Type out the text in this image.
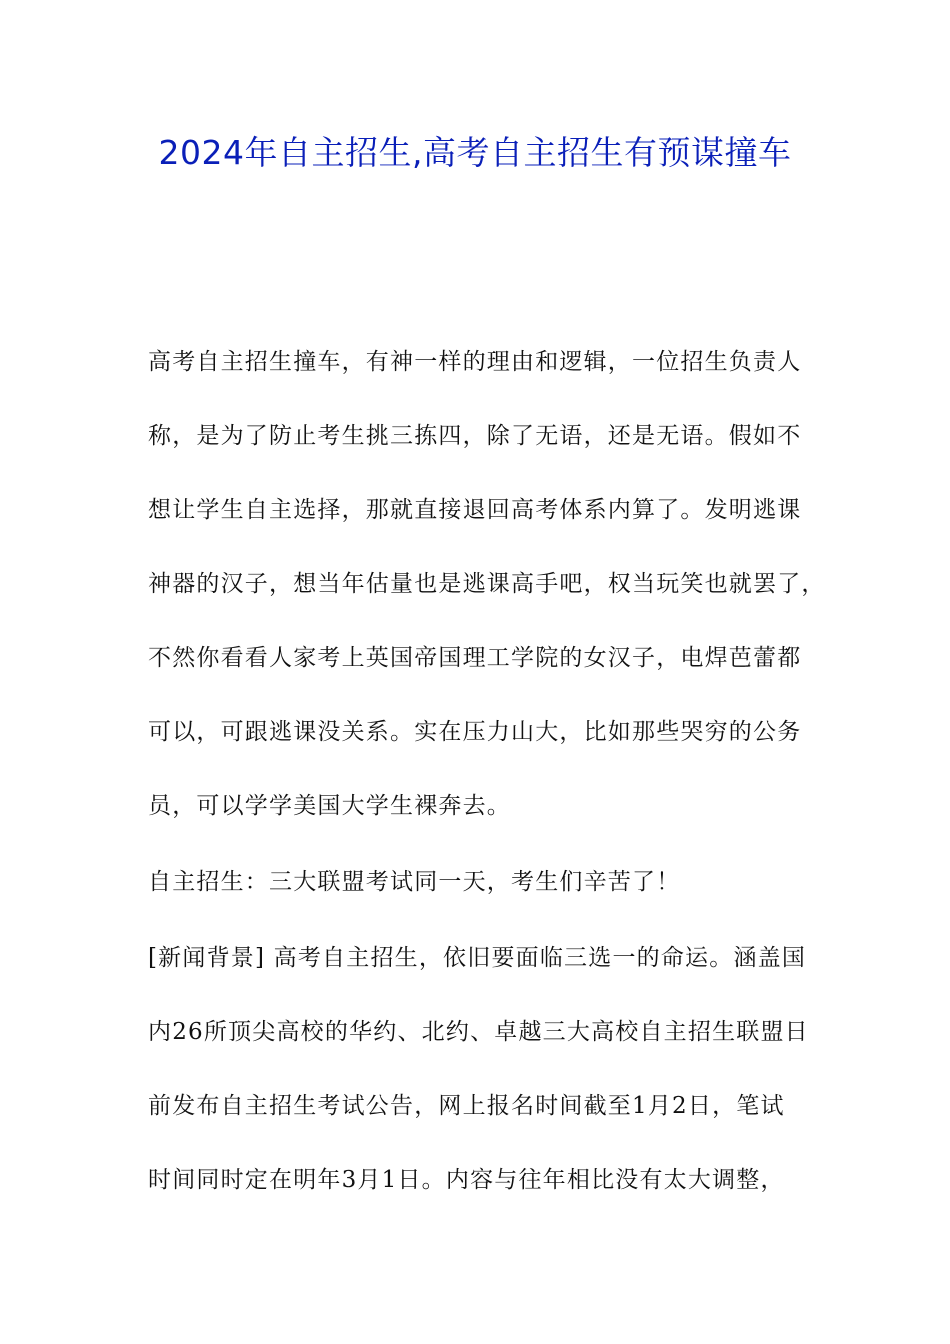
2024年自主招生,高考自主招生有预谋撞车
高考自主招生撞车，有神一样的理由和逻辑，一位招生负责人
称，是为了防止考生挑三拣四，除了无语，还是无语。假如不
想让学生自主选择，那就直接退回高考体系内算了。发明逃课
神器的汉子，想当年估量也是逃课高手吧，权当玩笑也就罢了，
不然你看看人家考上英国帝国理工学院的女汉子，电焊芭蕾都
可以，可跟逃课没关系。实在压力山大，比如那些哭穷的公务
员，可以学学美国大学生裸奔去。
自主招生：三大联盟考试同一天，考生们辛苦了！
[新闻背景] 高考自主招生，依旧要面临三选一的命运。涵盖国
内26所顶尖高校的华约、北约、卓越三大高校自主招生联盟日
前发布自主招生考试公告，网上报名时间截至1月2日，笔试
时间同时定在明年3月1日。内容与往年相比没有太大调整，
